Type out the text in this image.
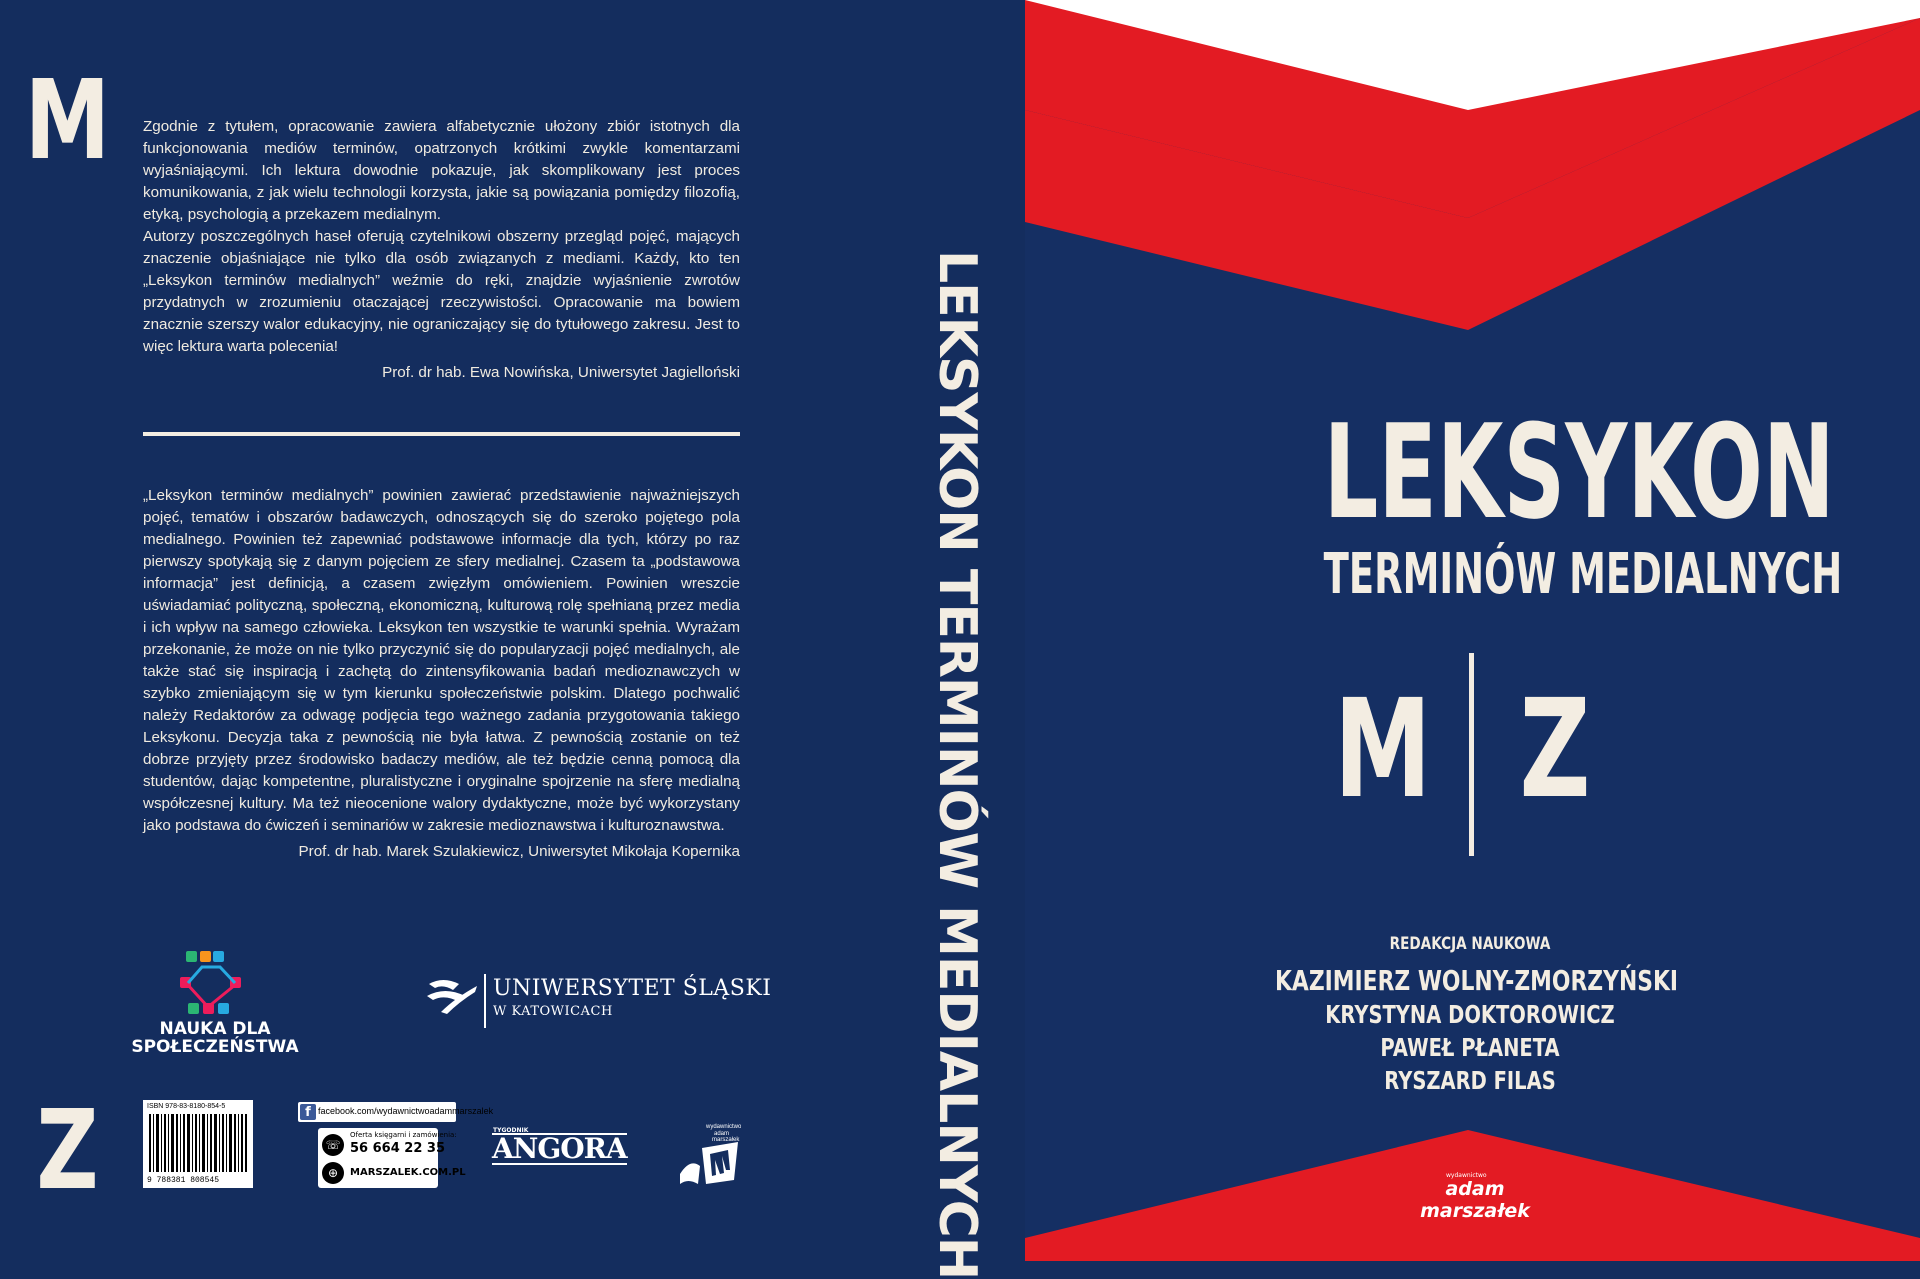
Zgodnie z tytułem, opracowanie zawiera alfabetycznie ułożony zbiór istotnych dla funkcjonowania mediów terminów, opatrzonych krótkimi zwykle komentarzami wyjaśniającymi. Ich lektura dowodnie pokazuje, jak skomplikowany jest proces komunikowania, z jak wielu technologii korzysta, jakie są powiązania pomiędzy filozofią, etyką, psychologią a przekazem medialnym.

Autorzy poszczególnych haseł oferują czytelnikowi obszerny przegląd pojęć, mających znaczenie objaśniające nie tylko dla osób związanych z mediami. Każdy, kto ten „Leksykon terminów medialnych” weźmie do ręki, znajdzie wyjaśnienie zwrotów przydatnych w zrozumieniu otaczającej rzeczywistości. Opracowanie ma bowiem znacznie szerszy walor edukacyjny, nie ograniczający się do tytułowego zakresu. Jest to więc lektura warta polecenia!

Prof. dr hab. Ewa Nowińska, Uniwersytet Jagielloński

„Leksykon terminów medialnych” powinien zawierać przedstawienie najważniejszych pojęć, tematów i obszarów badawczych, odnoszących się do szeroko pojętego pola medialnego. Powinien też zapewniać podstawowe informacje dla tych, którzy po raz pierwszy spotykają się z danym pojęciem ze sfery medialnej. Czasem ta „podstawowa informacja” jest definicją, a czasem zwięzłym omówieniem. Powinien wreszcie uświadamiać polityczną, społeczną, ekonomiczną, kulturową rolę spełnianą przez media i ich wpływ na samego człowieka. Leksykon ten wszystkie te warunki spełnia. Wyrażam przekonanie, że może on nie tylko przyczynić się do popularyzacji pojęć medialnych, ale także stać się inspiracją i zachętą do zintensyfikowania badań medioznawczych w szybko zmieniającym się w tym kierunku społeczeństwie polskim. Dlatego pochwalić należy Redaktorów za odwagę podjęcia tego ważnego zadania przygotowania takiego Leksykonu. Decyzja taka z pewnością nie była łatwa. Z pewnością zostanie on też dobrze przyjęty przez środowisko badaczy mediów, ale też będzie cenną pomocą dla studentów, dając kompetentne, pluralistyczne i oryginalne spojrzenie na sferę medialną współczesnej kultury. Ma też nieocenione walory dydaktyczne, może być wykorzystany jako podstawa do ćwiczeń i seminariów w zakresie medioznawstwa i kulturoznawstwa.

Prof. dr hab. Marek Szulakiewicz, Uniwersytet Mikołaja Kopernika

NAUKA DLA SPOŁECZEŃSTWA
UNIWERSYTET ŚLĄSKI
W KATOWICACH
ISBN 978-83-8180-854-5
9 788381 808545
f facebook.com/wydawnictwoadammarszalek
☏
⊕
Oferta księgarni i zamówienia:
56 664 22 35
MARSZALEK.COM.PL
TYGODNIK
ANGORA
wydawnictwo
adam
marszałek
M
LEKSYKON TERMINÓW MEDIALNYCH
Z
LEKSYKON
TERMINÓW MEDIALNYCH
M Z
REDAKCJA NAUKOWA
KAZIMIERZ WOLNY-ZMORZYŃSKI
KRYSTYNA DOKTOROWICZ
PAWEŁ PŁANETA
RYSZARD FILAS
wydawnictwo
adam marszałek
